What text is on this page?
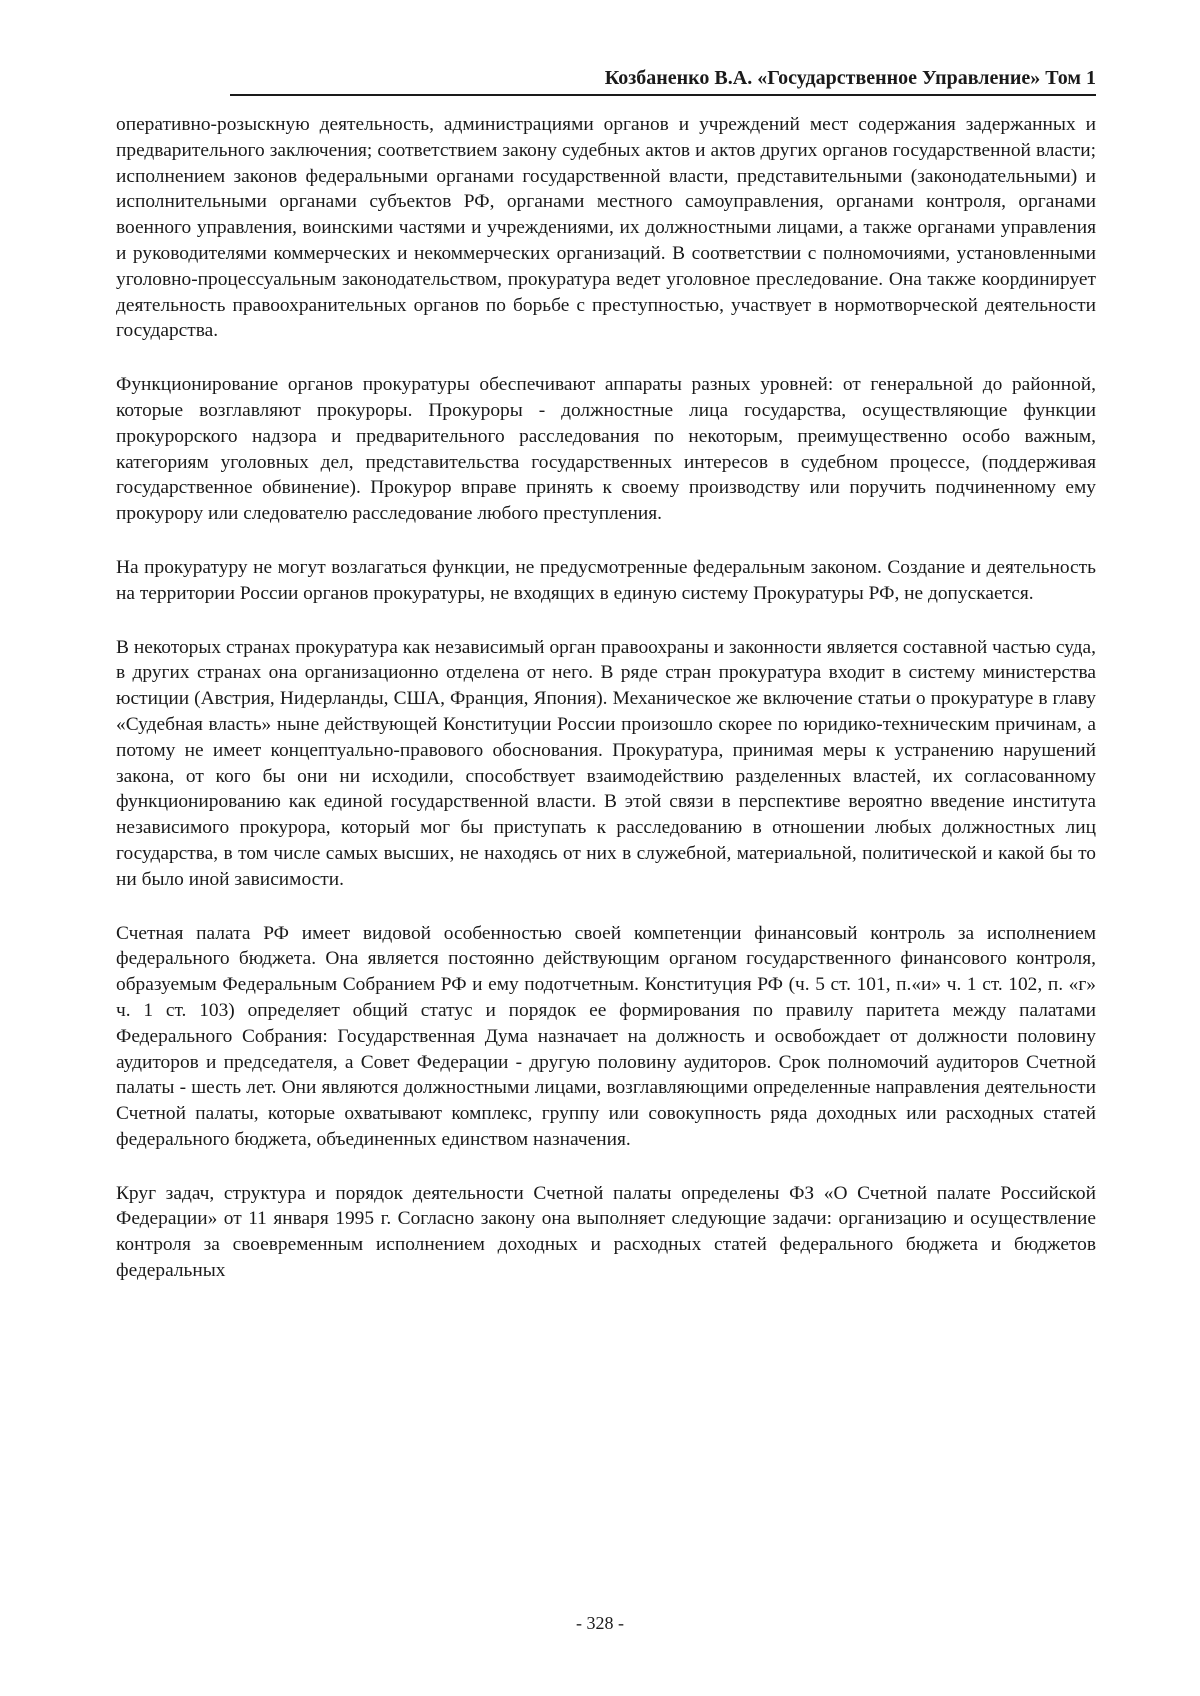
Козбаненко В.А. «Государственное Управление» Том 1

оперативно-розыскную деятельность, администрациями органов и учреждений мест содержания задержанных и предварительного заключения; соответствием закону судебных актов и актов других органов государственной власти; исполнением законов федеральными органами государственной власти, представительными (законодательными) и исполнительными органами субъектов РФ, органами местного самоуправления, органами контроля, органами военного управления, воинскими частями и учреждениями, их должностными лицами, а также органами управления и руководителями коммерческих и некоммерческих организаций. В соответствии с полномочиями, установленными уголовно-процессуальным законодательством, прокуратура ведет уголовное преследование. Она также координирует деятельность правоохранительных органов по борьбе с преступностью, участвует в нормотворческой деятельности государства.

Функционирование органов прокуратуры обеспечивают аппараты разных уровней: от генеральной до районной, которые возглавляют прокуроры. Прокуроры - должностные лица государства, осуществляющие функции прокурорского надзора и предварительного расследования по некоторым, преимущественно особо важным, категориям уголовных дел, представительства государственных интересов в судебном процессе, (поддерживая государственное обвинение). Прокурор вправе принять к своему производству или поручить подчиненному ему прокурору или следователю расследование любого преступления.

На прокуратуру не могут возлагаться функции, не предусмотренные федеральным законом. Создание и деятельность на территории России органов прокуратуры, не входящих в единую систему Прокуратуры РФ, не допускается.

В некоторых странах прокуратура как независимый орган правоохраны и законности является составной частью суда, в других странах она организационно отделена от него. В ряде стран прокуратура входит в систему министерства юстиции (Австрия, Нидерланды, США, Франция, Япония). Механическое же включение статьи о прокуратуре в главу «Судебная власть» ныне действующей Конституции России произошло скорее по юридико-техническим причинам, а потому не имеет концептуально-правового обоснования. Прокуратура, принимая меры к устранению нарушений закона, от кого бы они ни исходили, способствует взаимодействию разделенных властей, их согласованному функционированию как единой государственной власти. В этой связи в перспективе вероятно введение института независимого прокурора, который мог бы приступать к расследованию в отношении любых должностных лиц государства, в том числе самых высших, не находясь от них в служебной, материальной, политической и какой бы то ни было иной зависимости.

Счетная палата РФ имеет видовой особенностью своей компетенции финансовый контроль за исполнением федерального бюджета. Она является постоянно действующим органом государственного финансового контроля, образуемым Федеральным Собранием РФ и ему подотчетным. Конституция РФ (ч. 5 ст. 101, п.«и» ч. 1 ст. 102, п. «г» ч. 1 ст. 103) определяет общий статус и порядок ее формирования по правилу паритета между палатами Федерального Собрания: Государственная Дума назначает на должность и освобождает от должности половину аудиторов и председателя, а Совет Федерации - другую половину аудиторов. Срок полномочий аудиторов Счетной палаты - шесть лет. Они являются должностными лицами, возглавляющими определенные направления деятельности Счетной палаты, которые охватывают комплекс, группу или совокупность ряда доходных или расходных статей федерального бюджета, объединенных единством назначения.

Круг задач, структура и порядок деятельности Счетной палаты определены ФЗ «О Счетной палате Российской Федерации» от 11 января 1995 г. Согласно закону она выполняет следующие задачи: организацию и осуществление контроля за своевременным исполнением доходных и расходных статей федерального бюджета и бюджетов федеральных

- 328 -
